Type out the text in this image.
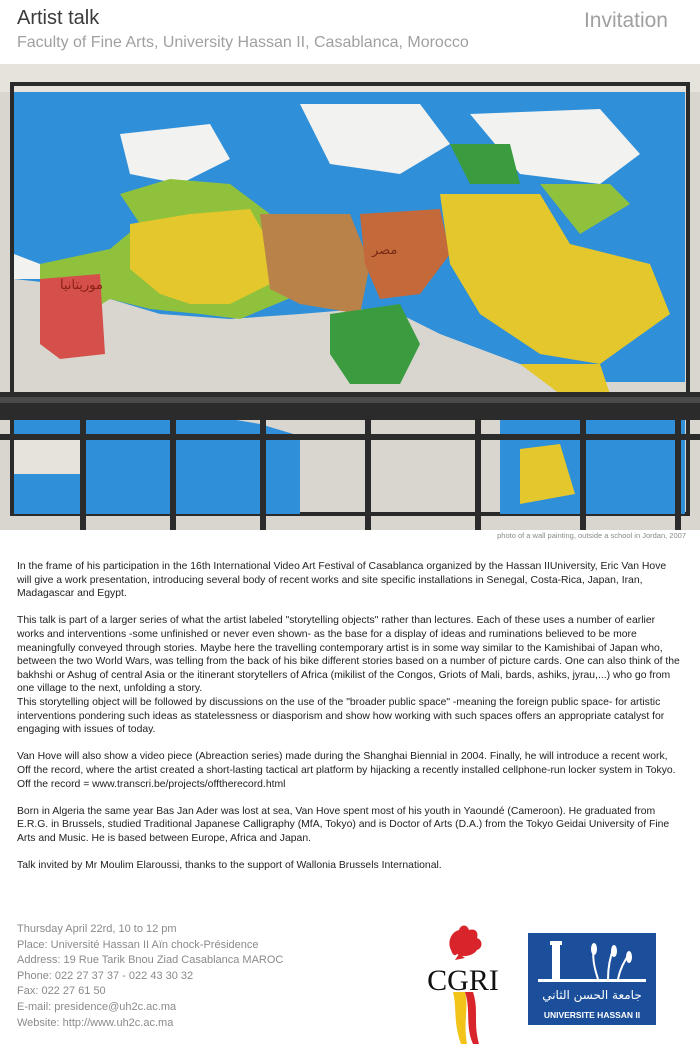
Artist talk
Faculty of Fine Arts, University Hassan II, Casablanca, Morocco
Invitation
موريتانيا
مصر
photo of a wall painting, outside a school in Jordan, 2007

In the frame of his participation in the 16th International Video Art Festival of Casablanca organized by the Hassan IIUniversity, Eric Van Hove will give a work presentation, introducing several body of recent works and site specific installations in Senegal, Costa-Rica, Japan, Iran, Madagascar and Egypt.

This talk is part of a larger series of what the artist labeled "storytelling objects" rather than lectures. Each of these uses a number of earlier works and interventions -some unfinished or never even shown- as the base for a display of ideas and ruminations believed to be more meaningfully conveyed through stories. Maybe here the travelling contemporary artist is in some way similar to the Kamishibai of Japan who, between the two World Wars, was telling from the back of his bike different stories based on a number of picture cards. One can also think of the bakhshi or Ashug of central Asia or the itinerant storytellers of Africa (mikilist of the Congos, Griots of Mali, bards, ashiks, jyrau,...) who go from one village to the next, unfolding a story.

This storytelling object will be followed by discussions on the use of the "broader public space" -meaning the foreign public space- for artistic interventions pondering such ideas as statelessness or diasporism and show how working with such spaces offers an appropriate catalyst for engaging with issues of today.

Van Hove will also show a video piece (Abreaction series) made during the Shanghai Biennial in 2004. Finally, he will introduce a recent work, Off the record, where the artist created a short-lasting tactical art platform by hijacking a recently installed cellphone-run locker system in Tokyo. Off the record = www.transcri.be/projects/offtherecord.html

Born in Algeria the same year Bas Jan Ader was lost at sea, Van Hove spent most of his youth in Yaoundé (Cameroon). He graduated from E.R.G. in Brussels, studied Traditional Japanese Calligraphy (MfA, Tokyo) and is Doctor of Arts (D.A.) from the Tokyo Geidai University of Fine Arts and Music. He is based between Europe, Africa and Japan.

Talk invited by Mr Moulim Elaroussi, thanks to the support of Wallonia Brussels International.

Thursday April 22rd, 10 to 12 pm
Place: Université Hassan II Aïn chock-Présidence
Address: 19 Rue Tarik Bnou Ziad Casablanca MAROC
Phone: 022 27 37 37 - 022 43 30 32
Fax: 022 27 61 50
E-mail: presidence@uh2c.ac.ma
Website: http://www.uh2c.ac.ma
CGRI	جامعة الحسن الثاني
UNIVERSITE HASSAN II
